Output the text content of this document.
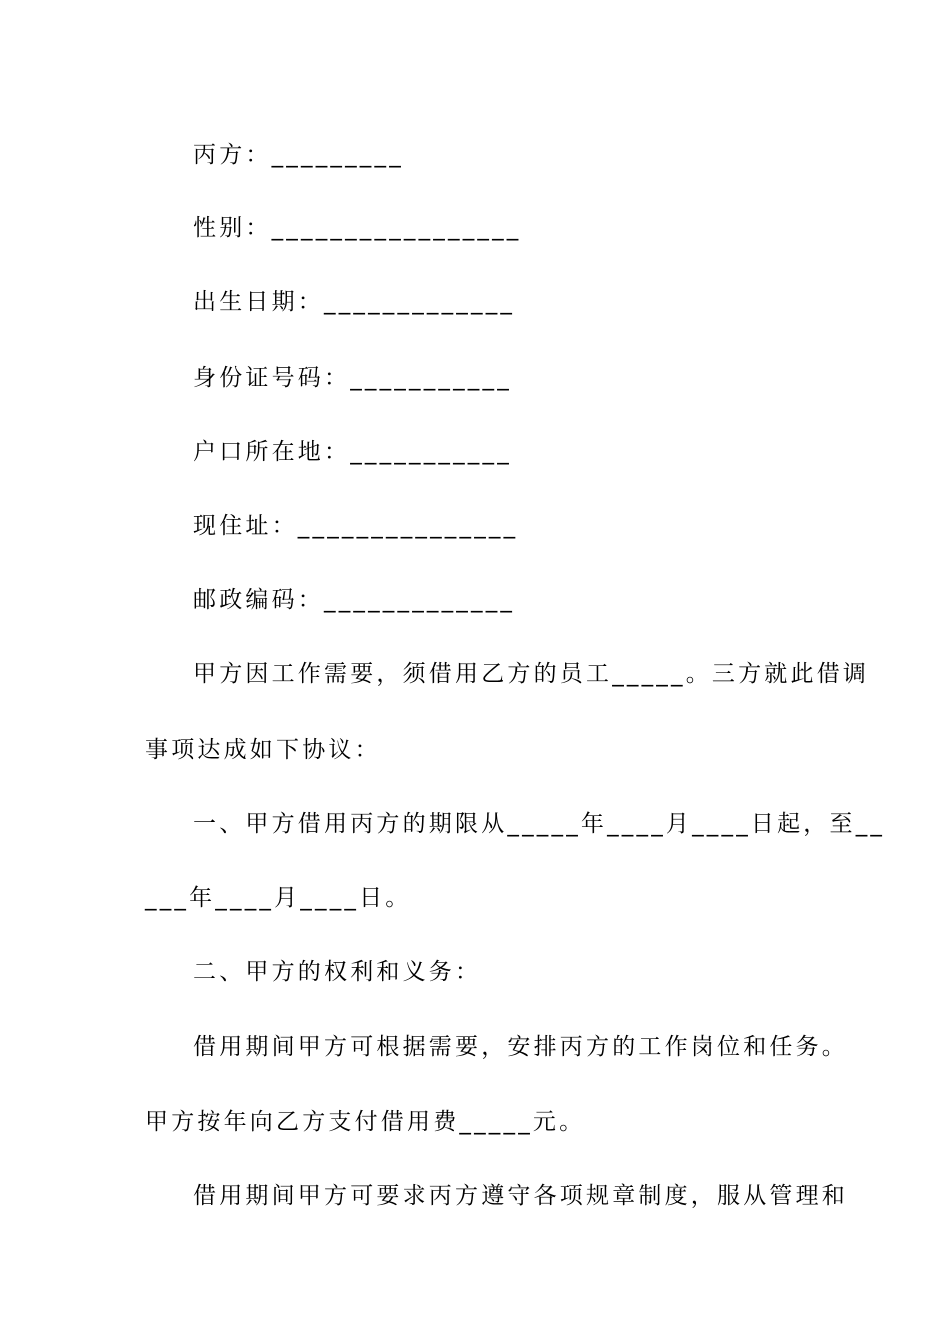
丙方：_________
性别：_________________
出生日期：_____________
身份证号码：___________
户口所在地：___________
现住址：_______________
邮政编码：_____________
甲方因工作需要，须借用乙方的员工_____。三方就此借调
事项达成如下协议：
一、甲方借用丙方的期限从_____年____月____日起，至__
___年____月____日。
二、甲方的权利和义务：
借用期间甲方可根据需要，安排丙方的工作岗位和任务。
甲方按年向乙方支付借用费_____元。
借用期间甲方可要求丙方遵守各项规章制度，服从管理和
